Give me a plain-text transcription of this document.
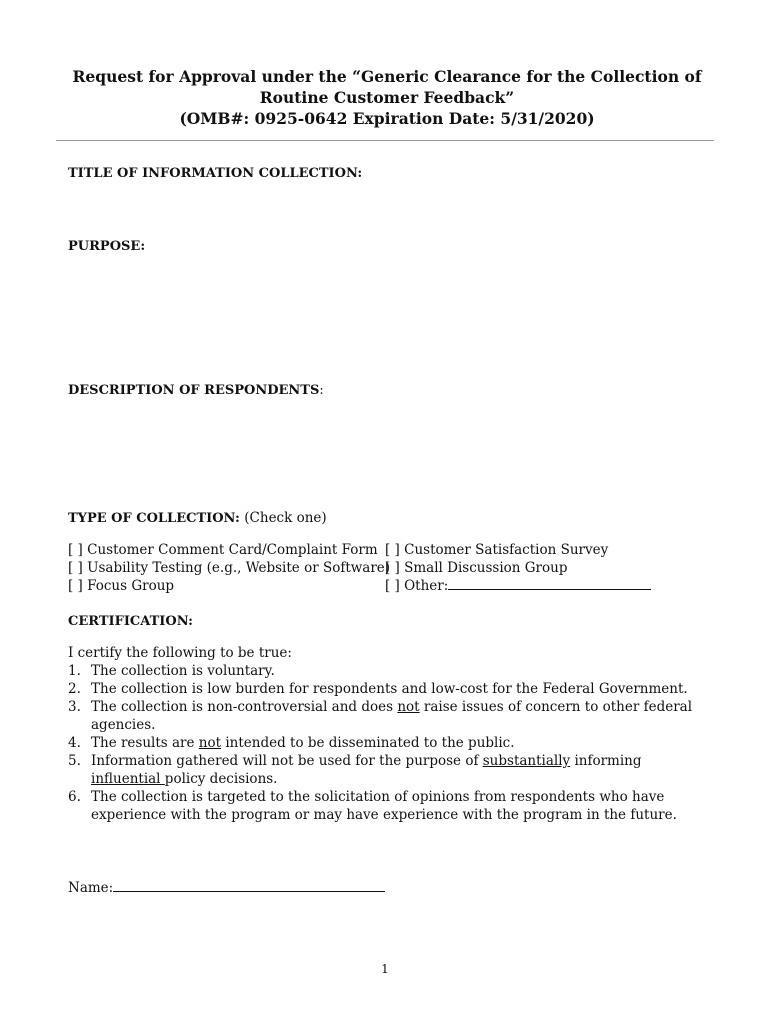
Request for Approval under the “Generic Clearance for the Collection of
Routine Customer Feedback”
(OMB#: 0925-0642 Expiration Date: 5/31/2020)
TITLE OF INFORMATION COLLECTION:
PURPOSE:
DESCRIPTION OF RESPONDENTS:
TYPE OF COLLECTION: (Check one)
[ ] Customer Comment Card/Complaint Form
[ ] Usability Testing (e.g., Website or Software)
[ ] Focus Group
[ ] Customer Satisfaction Survey
[ ] Small Discussion Group
[ ] Other:
CERTIFICATION:
I certify the following to be true:
1. The collection is voluntary.
2. The collection is low burden for respondents and low-cost for the Federal Government.
3. The collection is non-controversial and does not raise issues of concern to other federal agencies.
4. The results are not intended to be disseminated to the public.
5. Information gathered will not be used for the purpose of substantially informing influential policy decisions.
6. The collection is targeted to the solicitation of opinions from respondents who have experience with the program or may have experience with the program in the future.
Name:
1
